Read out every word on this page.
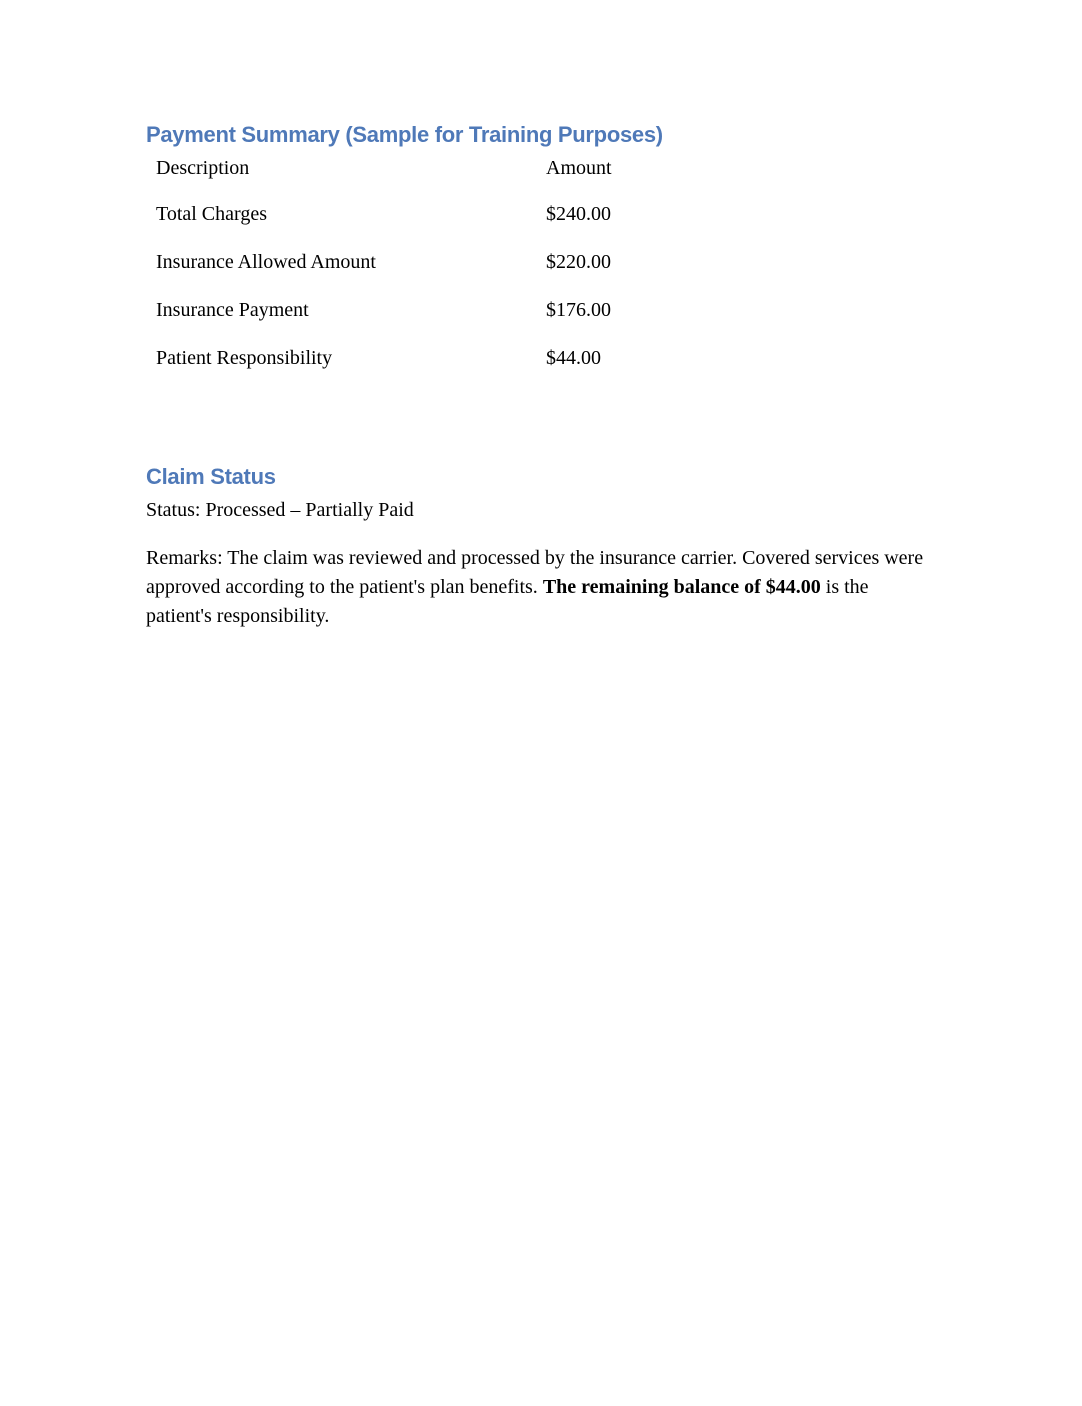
Payment Summary (Sample for Training Purposes)
Description	Amount
Total Charges	$240.00
Insurance Allowed Amount	$220.00
Insurance Payment	$176.00
Patient Responsibility	$44.00
Claim Status

Status: Processed – Partially Paid

Remarks: The claim was reviewed and processed by the insurance carrier. Covered services were approved according to the patient's plan benefits. The remaining balance of $44.00 is the patient's responsibility.
